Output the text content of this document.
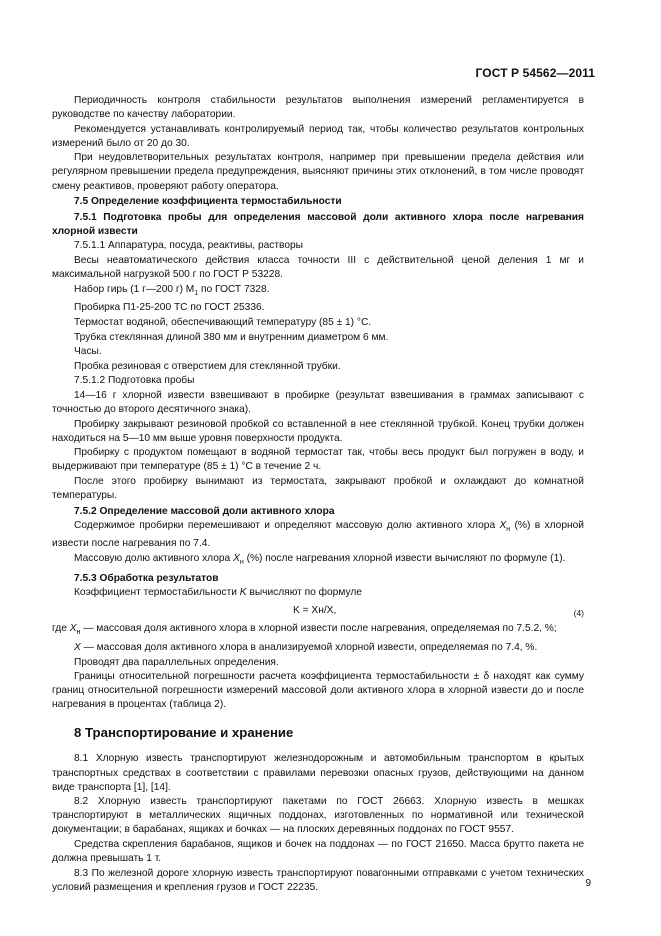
ГОСТ Р 54562—2011

Периодичность контроля стабильности результатов выполнения измерений регламентируется в руководстве по качеству лаборатории.

Рекомендуется устанавливать контролируемый период так, чтобы количество результатов контрольных измерений было от 20 до 30.

При неудовлетворительных результатах контроля, например при превышении предела действия или регулярном превышении предела предупреждения, выясняют причины этих отклонений, в том числе проводят смену реактивов, проверяют работу оператора.

7.5 Определение коэффициента термостабильности
7.5.1 Подготовка пробы для определения массовой доли активного хлора после нагревания хлорной извести

7.5.1.1 Аппаратура, посуда, реактивы, растворы

Весы неавтоматического действия класса точности III с действительной ценой деления 1 мг и максимальной нагрузкой 500 г по ГОСТ Р 53228.

Набор гирь (1 г—200 г) $М_1$ по ГОСТ 7328.

Пробирка П1-25-200 ТС по ГОСТ 25336.

Термостат водяной, обеспечивающий температуру (85 ± 1) °С.

Трубка стеклянная длиной 380 мм и внутренним диаметром 6 мм.

Часы.

Пробка резиновая с отверстием для стеклянной трубки.

7.5.1.2 Подготовка пробы

14—16 г хлорной извести взвешивают в пробирке (результат взвешивания в граммах записывают с точностью до второго десятичного знака).

Пробирку закрывают резиновой пробкой со вставленной в нее стеклянной трубкой. Конец трубки должен находиться на 5—10 мм выше уровня поверхности продукта.

Пробирку с продуктом помещают в водяной термостат так, чтобы весь продукт был погружен в воду, и выдерживают при температуре (85 ± 1) °С в течение 2 ч.

После этого пробирку вынимают из термостата, закрывают пробкой и охлаждают до комнатной температуры.

7.5.2 Определение массовой доли активного хлора

Содержимое пробирки перемешивают и определяют массовую долю активного хлора $X_н$ (%) в хлорной извести после нагревания по 7.4.

Массовую долю активного хлора $X_н$ (%) после нагревания хлорной извести вычисляют по формуле (1).

7.5.3 Обработка результатов

Коэффициент термостабильности K вычисляют по формуле

K = Xн/X,	(4)

где $X_н$ — массовая доля активного хлора в хлорной извести после нагревания, определяемая по 7.5.2, %;

X — массовая доля активного хлора в анализируемой хлорной извести, определяемая по 7.4, %.

Проводят два параллельных определения.

Границы относительной погрешности расчета коэффициента термостабильности ± δ находят как сумму границ относительной погрешности измерений массовой доли активного хлора в хлорной извести до и после нагревания в процентах (таблица 2).

8 Транспортирование и хранение

8.1 Хлорную известь транспортируют железнодорожным и автомобильным транспортом в крытых транспортных средствах в соответствии с правилами перевозки опасных грузов, действующими на данном виде транспорта [1], [14].

8.2 Хлорную известь транспортируют пакетами по ГОСТ 26663. Хлорную известь в мешках транспортируют в металлических ящичных поддонах, изготовленных по нормативной или технической документации; в барабанах, ящиках и бочках — на плоских деревянных поддонах по ГОСТ 9557.

Средства скрепления барабанов, ящиков и бочек на поддонах — по ГОСТ 21650. Масса брутто пакета не должна превышать 1 т.

8.3 По железной дороге хлорную известь транспортируют повагонными отправками с учетом технических условий размещения и крепления грузов и ГОСТ 22235.	9
